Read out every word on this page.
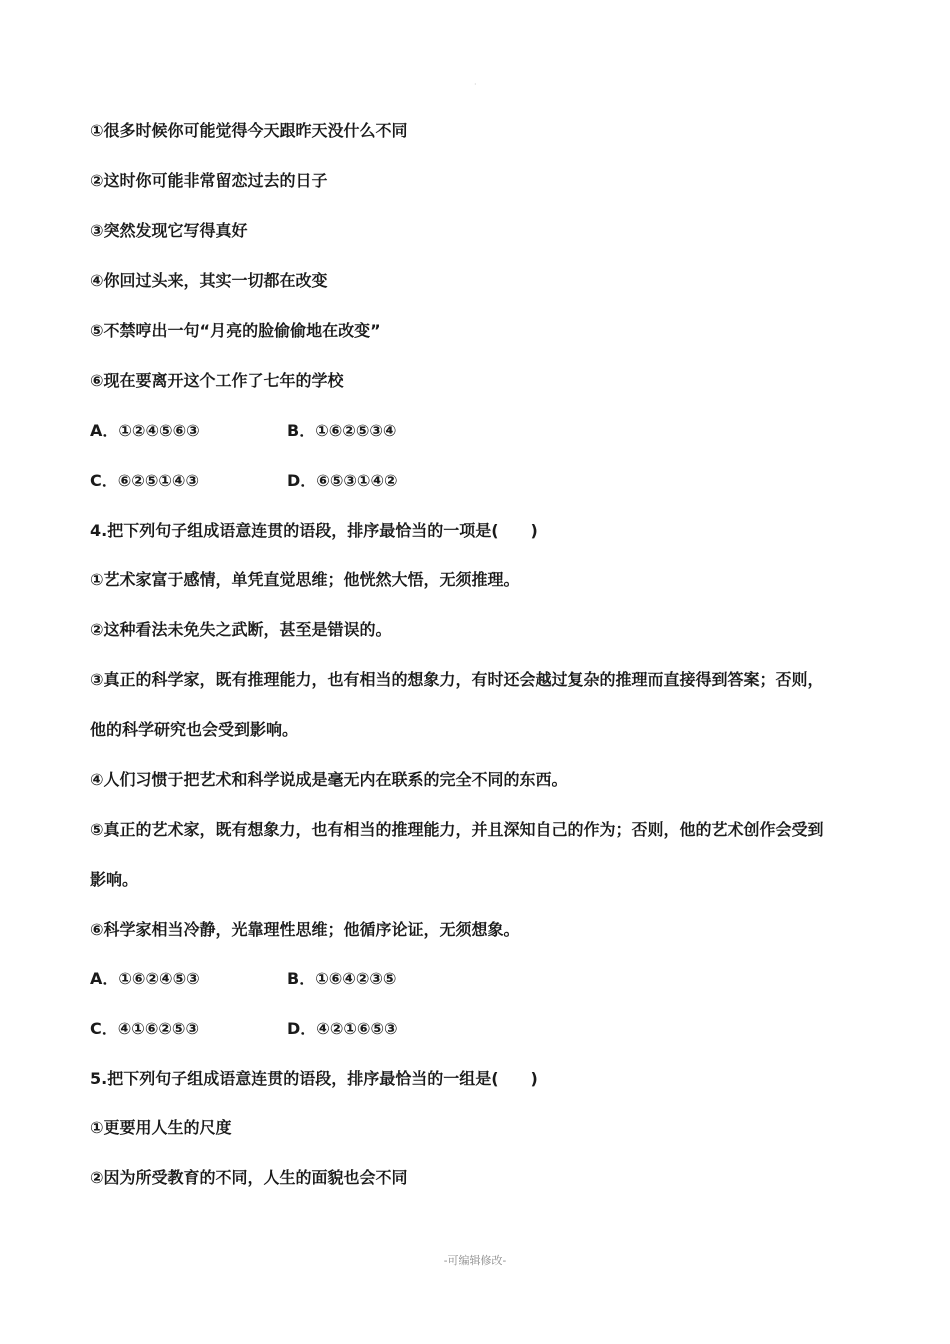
·
①很多时候你可能觉得今天跟昨天没什么不同
②这时你可能非常留恋过去的日子
③突然发现它写得真好
④你回过头来，其实一切都在改变
⑤不禁哼出一句“月亮的脸偷偷地在改变”
⑥现在要离开这个工作了七年的学校
A．①②④⑤⑥③	B．①⑥②⑤③④
C．⑥②⑤①④③	D．⑥⑤③①④②
4.把下列句子组成语意连贯的语段，排序最恰当的一项是(　　)
①艺术家富于感情，单凭直觉思维；他恍然大悟，无须推理。
②这种看法未免失之武断，甚至是错误的。
③真正的科学家，既有推理能力，也有相当的想象力，有时还会越过复杂的推理而直接得到答案；否则，
他的科学研究也会受到影响。
④人们习惯于把艺术和科学说成是毫无内在联系的完全不同的东西。
⑤真正的艺术家，既有想象力，也有相当的推理能力，并且深知自己的作为；否则，他的艺术创作会受到
影响。
⑥科学家相当冷静，光靠理性思维；他循序论证，无须想象。
A．①⑥②④⑤③	B．①⑥④②③⑤
C．④①⑥②⑤③	D．④②①⑥⑤③
5.把下列句子组成语意连贯的语段，排序最恰当的一组是(　　)
①更要用人生的尺度
②因为所受教育的不同，人生的面貌也会不同
-可编辑修改-
